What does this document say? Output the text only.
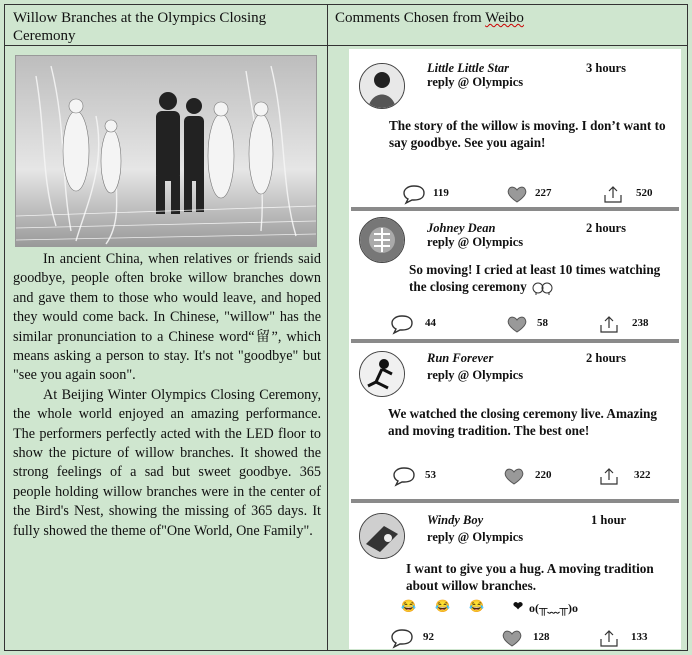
Willow Branches at the Olympics Closing Ceremony
Comments Chosen from Weibo

In ancient China, when relatives or friends said goodbye, people often broke willow branches down and gave them to those who would leave, and hoped they would come back. In Chinese, "willow" has the similar pronunciation to a Chinese word“留”, which means asking a person to stay. It's not "goodbye" but "see you again soon".

At Beijing Winter Olympics Closing Ceremony, the whole world enjoyed an amazing performance. The performers perfectly acted with the LED floor to show the picture of willow branches. It showed the strong feelings of a sad but sweet goodbye. 365 people holding willow branches were in the center of the Bird's Nest, showing the missing of 365 days. It fully showed the theme of"One World, One Family".

Little Little Star	3 hours
reply @ Olympics
The story of the willow is moving. I don’t want to say goodbye. See you again!
119	227	520
Johney Dean	2 hours
reply @ Olympics
So moving! I cried at least 10 times watching the closing ceremony
44	58	238
Run Forever	2 hours
reply @ Olympics
We watched the closing ceremony live. Amazing and moving tradition. The best one!
53	220	322
Windy Boy	1 hour
reply @ Olympics
I want to give you a hug. A moving tradition about willow branches.
😂 😂 😂 ❤ o(╥﹏╥)o
92	128	133
